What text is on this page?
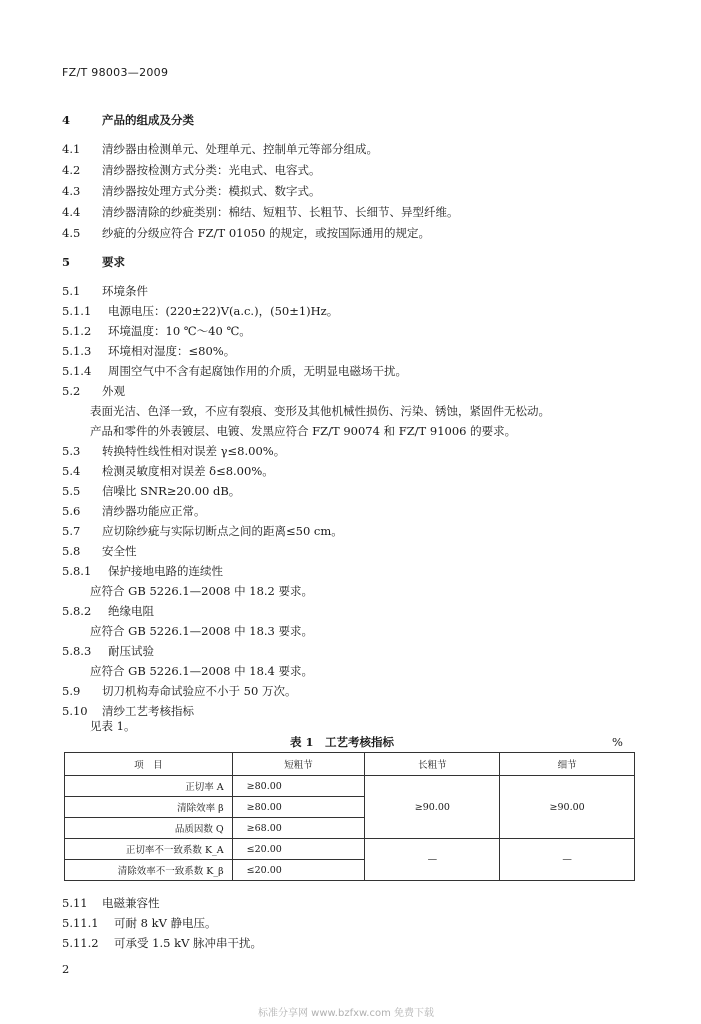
FZ/T 98003—2009
4	产品的组成及分类
4.1 清纱器由检测单元、处理单元、控制单元等部分组成。
4.2 清纱器按检测方式分类：光电式、电容式。
4.3 清纱器按处理方式分类：模拟式、数字式。
4.4 清纱器清除的纱疵类别：棉结、短粗节、长粗节、长细节、异型纤维。
4.5 纱疵的分级应符合 FZ/T 01050 的规定，或按国际通用的规定。
5	要求
5.1 环境条件
5.1.1 电源电压：(220±22)V(a.c.)，(50±1)Hz。
5.1.2 环境温度：10 ℃～40 ℃。
5.1.3 环境相对湿度：≤80%。
5.1.4 周围空气中不含有起腐蚀作用的介质，无明显电磁场干扰。
5.2 外观
表面光洁、色泽一致，不应有裂痕、变形及其他机械性损伤、污染、锈蚀，紧固件无松动。
产品和零件的外表镀层、电镀、发黑应符合 FZ/T 90074 和 FZ/T 91006 的要求。
5.3 转换特性线性相对误差 γ≤8.00%。
5.4 检测灵敏度相对误差 δ≤8.00%。
5.5 信噪比 SNR≥20.00 dB。
5.6 清纱器功能应正常。
5.7 应切除纱疵与实际切断点之间的距离≤50 cm。
5.8 安全性
5.8.1 保护接地电路的连续性
应符合 GB 5226.1—2008 中 18.2 要求。
5.8.2 绝缘电阻
应符合 GB 5226.1—2008 中 18.3 要求。
5.8.3 耐压试验
应符合 GB 5226.1—2008 中 18.4 要求。
5.9 切刀机构寿命试验应不小于 50 万次。
5.10 清纱工艺考核指标
见表 1。
表 1　工艺考核指标	%
项　目	短粗节	长粗节	细节
正切率 A	≥80.00	≥90.00	≥90.00
清除效率 β	≥80.00		
品质因数 Q	≥68.00		
正切率不一致系数 K_A	≤20.00	—	—
清除效率不一致系数 K_β	≤20.00		
5.11 电磁兼容性
5.11.1 可耐 8 kV 静电压。
5.11.2 可承受 1.5 kV 脉冲串干扰。
2
标准分享网 www.bzfxw.com 免费下载
